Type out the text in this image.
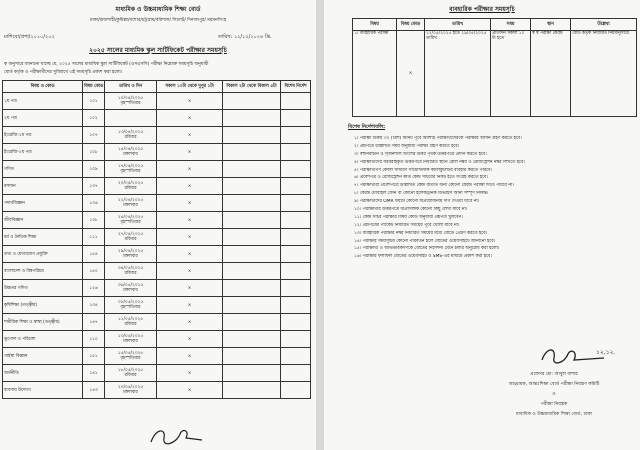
মাধ্যমিক ও উচ্চমাধ্যমিক শিক্ষা বোর্ড
ঢাকা/রাজশাহী/কুমিল্লা/যশোর/চট্টগ্রাম/বরিশাল/ সিলেট/ দিনাজপুর/ ময়মনসিংহ
মাশিবো/প্রশা/২০১০/২০২	তারিখ: ১২/১২/২০২৪ খ্রি.
২০২৫ সালের মাধ্যমিক স্কুল সার্টিফিকেট পরীক্ষার সময়সূচি
ক অনুসারে জানানো যাচ্ছে যে, ২০২৫ সালের মাধ্যমিক স্কুল সার্টিফিকেট (এসএসসি) পরীক্ষা নিম্নোক্ত সময়সূচি অনুযায়ী
বোর্ড কর্তৃক ও পরীক্ষার্থীদের সুবিধার্থে এই সময়সূচি প্রকাশ করা হলো।
বিষয় ও কোড	বিষয় কোড	তারিখ ও দিন	সকাল ১০টা থেকে দুপুর ১টা	বিকাল ২টা থেকে বিকাল ৫টা	বিশেষ নির্দেশ
১ম পত্র	১০১	১০/০৪/২০২৫
বৃহস্পতিবার	×		
২য় পত্র	১০২		×		
ইংরেজি-১ম পত্র	১০৭	১৩/০৪/২০২৫
রবিবার	×		
ইংরেজি-২য় পত্র	১০৮	১৫/০৪/২০২৫
মঙ্গলবার	×		
গণিত	১০৯	১৭/০৪/২০২৫
বৃহস্পতিবার	×		
রসায়ন	১৩৭	২০/০৪/২০২৫
রবিবার	×		
পদার্থবিজ্ঞান	১৩৬	২২/০৪/২০২৫
মঙ্গলবার	×		
জীববিজ্ঞান	১৩৮	২৪/০৪/২০২৫
বৃহস্পতিবার	×		
ধর্ম ও নৈতিক শিক্ষা	১১১	২৭/০৪/২০২৫
রবিবার	×		
তথ্য ও যোগাযোগ প্রযুক্তি	১৫৪	২৯/০৪/২০২৫
মঙ্গলবার	×		
বাংলাদেশ ও বিশ্বপরিচয়	১৫০	০৪/০৫/২০২৫
রবিবার	×		
উচ্চতর গণিত	১২৬	০৬/০৫/২০২৫
মঙ্গলবার	×		
কৃষিশিক্ষা (তত্ত্বীয়)	১৩৪	০৮/০৫/২০২৫
বৃহস্পতিবার	×		
শারীরিক শিক্ষা ও স্বাস্থ্য (তত্ত্বীয়)	১৪৭	১১/০৫/২০২৫
রবিবার	×		
ভূগোল ও পরিবেশ	১১০	১৩/০৫/২০২৫
মঙ্গলবার	×		
গার্হস্থ্য বিজ্ঞান	১৫১	১৫/০৫/২০২৫
বৃহস্পতিবার	×		
অর্থনীতি	১৪১	১৮/০৫/২০২৫
রবিবার	×		
ব্যবসায় উদ্যোগ	১৪৩	২০/০৫/২০২৫
মঙ্গলবার	×		
ব্যবহারিক পরীক্ষার সময়সূচি
বিষয়	বিষয় কোড	তারিখ	সময়	স্থান	উল্লেখ্য
১। ব্যবহারিক পরীক্ষা	×	২২/০৫/২০২৫ হতে ২৯/০৫/২০২৫ তারিখ	প্রতিদিন সকাল ১০ টা হতে	স্ব স্ব পরীক্ষা কেন্দ্রে	বোর্ড কর্তৃক নির্ধারিত নিয়মানুসারে
বিশেষ নির্দেশাবলি:
১। পরীক্ষা শুরুর ৩০ (ত্রিশ) মিনিট পূর্বে অবশ্যই পরীক্ষার্থীদেরকে পরীক্ষার আসন গ্রহণ করতে হবে।
২। প্রশ্নপত্রে উল্লিখিত সময় অনুযায়ী পরীক্ষা গ্রহণ করতে হবে।
৩। বহুনির্বাচনি ও সৃজনশীল অংশের উত্তর পৃথক উত্তরপত্রে প্রদান করতে হবে।
৪। পরীক্ষার্থীদের সরবরাহকৃত উত্তরপত্রে নির্ধারিত স্থানে রোল নম্বর ও রেজিস্ট্রেশন নম্বর লিখতে হবে।
৫। পরীক্ষার্থীগণ কেবল সাধারণ সায়েন্টিফিক ক্যালকুলেটর ব্যবহার করতে পারবে।
৬। প্রবেশপত্র ও রেজিস্ট্রেশন কার্ড কেন্দ্র সচিবের নিকট হতে সংগ্রহ করতে হবে।
৭। পরীক্ষার্থীরা প্রবেশপত্রে উল্লিখিত কেন্দ্র ব্যতীত অন্য কোনো কেন্দ্রে পরীক্ষা দিতে পারবে না।
৮। কেন্দ্রে মোবাইল ফোন বা কোনো ইলেকট্রনিক ডিভাইস আনা সম্পূর্ণ নিষিদ্ধ।
৯। পরীক্ষার্থীদের OMR ফরমে কোনো অপ্রয়োজনীয় দাগ দেওয়া যাবে না।
১০। পরীক্ষার্থীর উত্তরপত্রে অপ্রাসঙ্গিক কোনো কিছু লেখা যাবে না।
১১। কেন্দ্র সচিব পরীক্ষার বিষয় কোড অনুযায়ী প্রশ্নপত্র খুলবেন।
১২। প্রশ্নপত্রের প্যাকেট নির্ধারিত সময়ের পূর্বে খোলা যাবে না।
১৩। ব্যবহারিক পরীক্ষার নম্বর নির্ধারিত সময়ের মধ্যে বোর্ডে প্রেরণ করতে হবে।
১৪। পরীক্ষার সময়সূচির কোনো পরিবর্তন হলে বোর্ডের ওয়েবসাইটে জানানো হবে।
১৫। পরীক্ষার্থী ও অভিভাবকগণকে বোর্ডের নির্দেশনা মেনে চলার অনুরোধ করা হলো।
১৬। পরীক্ষার ফলাফল বোর্ডের ওয়েবসাইট ও SMS-এর মাধ্যমে প্রকাশ করা হবে।
১২.১২.
প্রফেসর মো: আবুল বাশার
আহ্বায়ক, আন্তঃশিক্ষা বোর্ড পরীক্ষা নিয়ন্ত্রণ কমিটি
ও
পরীক্ষা নিয়ন্ত্রক
মাধ্যমিক ও উচ্চমাধ্যমিক শিক্ষা বোর্ড, ঢাকা
